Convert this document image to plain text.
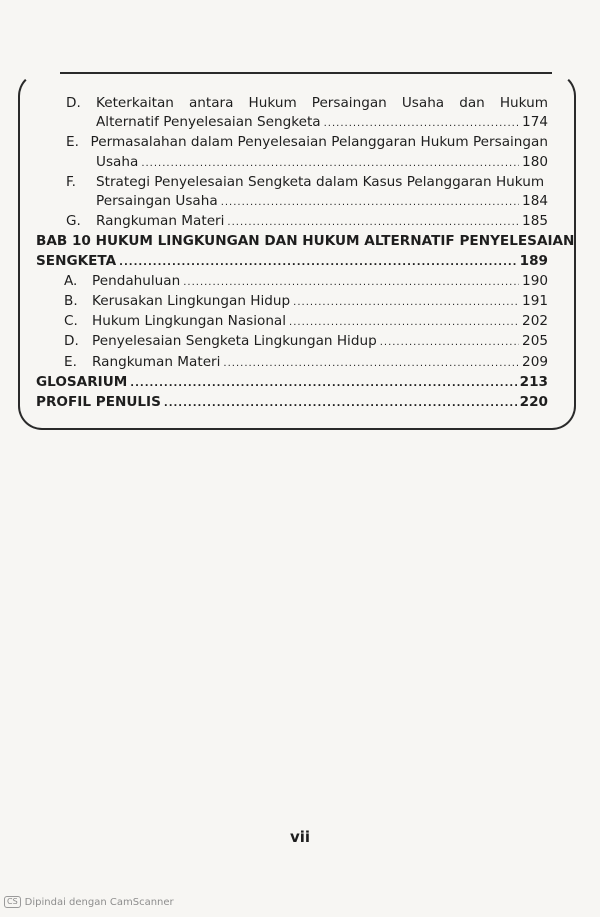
D.	Keterkaitan antara Hukum Persaingan Usaha dan Hukum
Alternatif Penyelesaian Sengketa .....	174
E. Permasalahan dalam Penyelesaian Pelanggaran Hukum Persaingan
Usaha .....	180
F.	Strategi Penyelesaian Sengketa dalam Kasus Pelanggaran Hukum
Persaingan Usaha .....	184
G.	Rangkuman Materi .....	185
BAB 10 HUKUM LINGKUNGAN DAN HUKUM ALTERNATIF PENYELESAIAN
SENGKETA .....	189
A.	Pendahuluan .....	190
B.	Kerusakan Lingkungan Hidup .....	191
C.	Hukum Lingkungan Nasional .....	202
D. Penyelesaian Sengketa Lingkungan Hidup .....	205
E.	Rangkuman Materi .....	209
GLOSARIUM .....	213
PROFIL PENULIS .....	220
vii
CS Dipindai dengan CamScanner
